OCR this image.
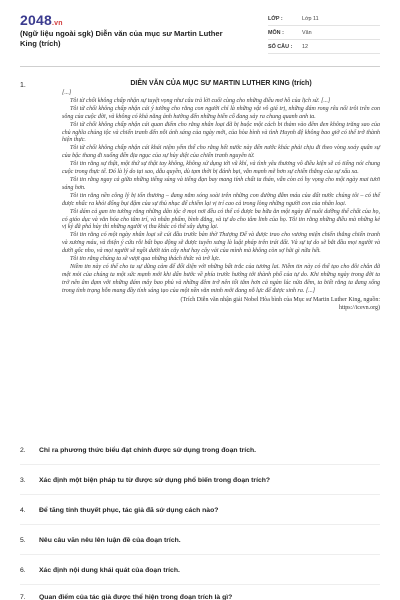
2048.vn
(Ngữ liệu ngoài sgk) Diễn văn của mục sư Martin Luther King (trích)
LỚP :	Lớp 11
MÔN :	Văn
SỐ CÂU :	12
1.	DIỄN VĂN CỦA MỤC SƯ MARTIN LUTHER KING (trích)

[...]

Tôi từ chối không chấp nhận sự tuyệt vọng như câu trả lời cuối cùng cho những điều mơ hồ của lịch sử. [...]

Tôi từ chối không chấp nhận cái ý tưởng cho rằng con người chỉ là những vật vô giá trị, những đám rong rêu nổi trôi trên con sông của cuộc đời, và không có khả năng ảnh hưởng đến những biến cố đang xảy ra chung quanh anh ta.

Tôi từ chối không chấp nhận cái quan điểm cho rằng nhân loại đã bị buộc một cách bi thảm vào đêm đen không trăng sao của chủ nghĩa chủng tộc và chiến tranh đến nỗi ánh sáng của ngày mới, của hòa bình và tình Huynh đệ không bao giờ có thể trở thành hiện thực.

Tôi từ chối không chấp nhận cái khái niệm yếm thế cho rằng hết nước này đến nước khác phải chịu đi theo vòng xoáy quân sự của bậc thang đi xuống đến địa ngục của sự hủy diệt của chiến tranh nguyên tử.

Tôi tin rằng sự thật, một thứ sự thật tay không, không sử dụng tới vũ khí, và tình yêu thương vô điều kiện sẽ có tiếng nói chung cuộc trong thực tế. Đó là lý do tại sao, dẫu quyền, dù tạm thời bị đánh bại, vẫn mạnh mẽ hơn sự chiến thắng của sự xấu xa.

Tôi tin rằng ngay cả giữa những tiếng súng và tiếng đạn bay mang tính chất ta thán, vẫn còn có hy vọng cho một ngày mai tươi sáng hơn.

Tôi tin rằng nền công lý bị tổn thương – đang nằm sóng soài trên những con đường đẫm máu của đất nước chúng tôi – có thể được nhấc ra khỏi đống bụi đậm của sự thủ nhục để chiếm lại vị trí cao cả trong lòng những người con của nhân loại.

Tôi dám cả gan tin tưởng rằng những dân tộc ở mọi nơi đều có thể có được ba bữa ăn một ngày để nuôi dưỡng thể chất của họ, có giáo dục và văn hóa cho tâm trí, và nhân phẩm, bình đẳng, và tự do cho tâm linh của họ. Tôi tin rằng những điều mà những kẻ vị kỷ đã phá hủy thì những người vị tha khác có thể xây dựng lại.

Tôi tin rằng có một ngày nhân loại sẽ cúi đầu trước bàn thờ Thượng Đế và được trao cho vương miện chiến thắng chiến tranh và xương máu, và thiện ý cứu rỗi bất bạo động sẽ được tuyên xưng là luật pháp trên trái đất. Và sự tự do sẽ bắt đầu mọi người và dưới gốc nho, và mọi người sẽ ngồi dưới tán cây như hay cây vải của mình mà không còn sợ hãi gì nữa hết.

Tôi tin rằng chúng ta sẽ vượt qua những thách thức và trở lực.

Niềm tin này có thể cho ta sự dũng cảm để đối diện với những bất trắc của tương lai. Niềm tin này có thể tạo cho đôi chân đã mệt mỏi của chúng ta một sức mạnh mới khi dấn bước về phía trước hướng tới thành phố của tự do. Khi những ngày trong đời ta trở nên âm đạm với những đám mây bao phủ và những đêm trở nên tối tăm hơn cả ngàn lúc nửa đêm, ta biết rằng ta đang sống trong tình trạng hỗn mang đầy tính sáng tạo của một nền văn minh mới đang nỗ lực để được sinh ra. [...]

(Trích Diễn văn nhận giải Nobel Hòa bình của Mục sư Martin Luther King, nguồn:
https://icevn.org)
2. Chỉ ra phương thức biểu đạt chính được sử dụng trong đoạn trích.
3. Xác định một biện pháp tu từ được sử dụng phổ biến trong đoạn trích?
4. Để tăng tính thuyết phục, tác giả đã sử dụng cách nào?
5. Nêu câu văn nêu lên luận đề của đoạn trích.
6. Xác định nội dung khái quát của đoạn trích.
7. Quan điểm của tác giả được thể hiện trong đoạn trích là gì?
